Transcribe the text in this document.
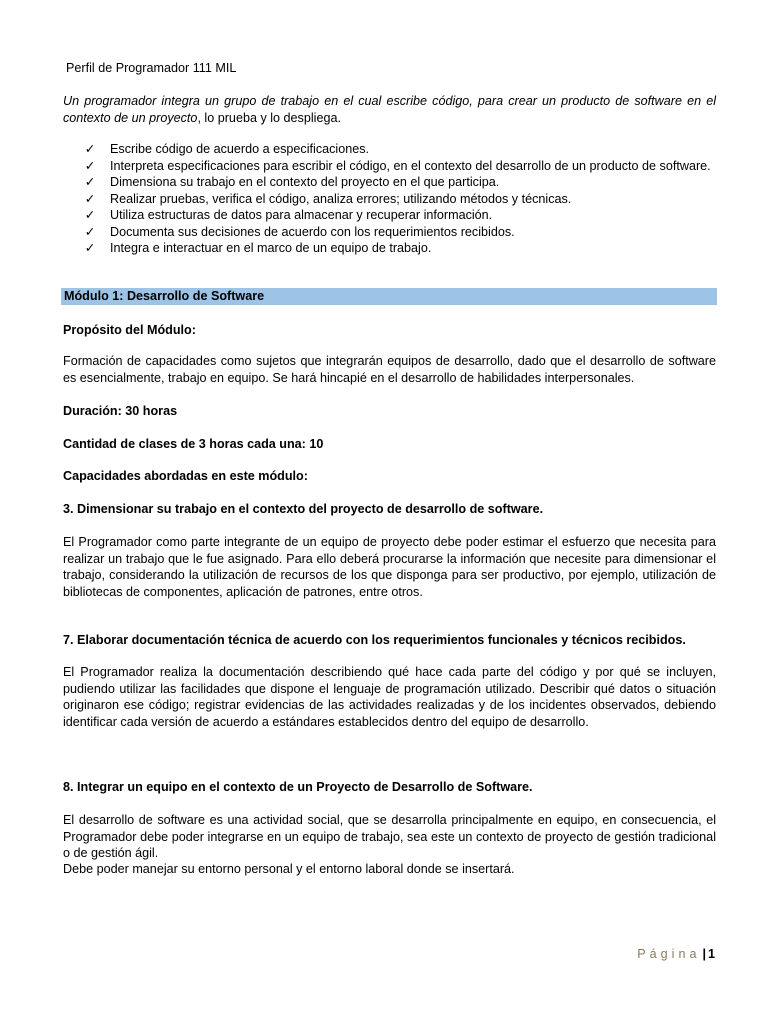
Perfil de Programador 111 MIL

Un programador integra un grupo de trabajo en el cual escribe código, para crear un producto de software en el contexto de un proyecto, lo prueba y lo despliega.

✓ Escribe código de acuerdo a especificaciones.
✓ Interpreta especificaciones para escribir el código, en el contexto del desarrollo de un producto de software.
✓ Dimensiona su trabajo en el contexto del proyecto en el que participa.
✓ Realizar pruebas, verifica el código, analiza errores; utilizando métodos y técnicas.
✓ Utiliza estructuras de datos para almacenar y recuperar información.
✓ Documenta sus decisiones de acuerdo con los requerimientos recibidos.
✓ Integra e interactuar en el marco de un equipo de trabajo.
Módulo 1: Desarrollo de Software

Propósito del Módulo:

Formación de capacidades como sujetos que integrarán equipos de desarrollo, dado que el desarrollo de software es esencialmente, trabajo en equipo. Se hará hincapié en el desarrollo de habilidades interpersonales.

Duración: 30 horas

Cantidad de clases de 3 horas cada una: 10

Capacidades abordadas en este módulo:

3. Dimensionar su trabajo en el contexto del proyecto de desarrollo de software.

El Programador como parte integrante de un equipo de proyecto debe poder estimar el esfuerzo que necesita para realizar un trabajo que le fue asignado. Para ello deberá procurarse la información que necesite para dimensionar el trabajo, considerando la utilización de recursos de los que disponga para ser productivo, por ejemplo, utilización de bibliotecas de componentes, aplicación de patrones, entre otros.

7. Elaborar documentación técnica de acuerdo con los requerimientos funcionales y técnicos recibidos.

El Programador realiza la documentación describiendo qué hace cada parte del código y por qué se incluyen, pudiendo utilizar las facilidades que dispone el lenguaje de programación utilizado. Describir qué datos o situación originaron ese código; registrar evidencias de las actividades realizadas y de los incidentes observados, debiendo identificar cada versión de acuerdo a estándares establecidos dentro del equipo de desarrollo.

8. Integrar un equipo en el contexto de un Proyecto de Desarrollo de Software.

El desarrollo de software es una actividad social, que se desarrolla principalmente en equipo, en consecuencia, el Programador debe poder integrarse en un equipo de trabajo, sea este un contexto de proyecto de gestión tradicional o de gestión ágil.

Debe poder manejar su entorno personal y el entorno laboral donde se insertará.

Página | 1
